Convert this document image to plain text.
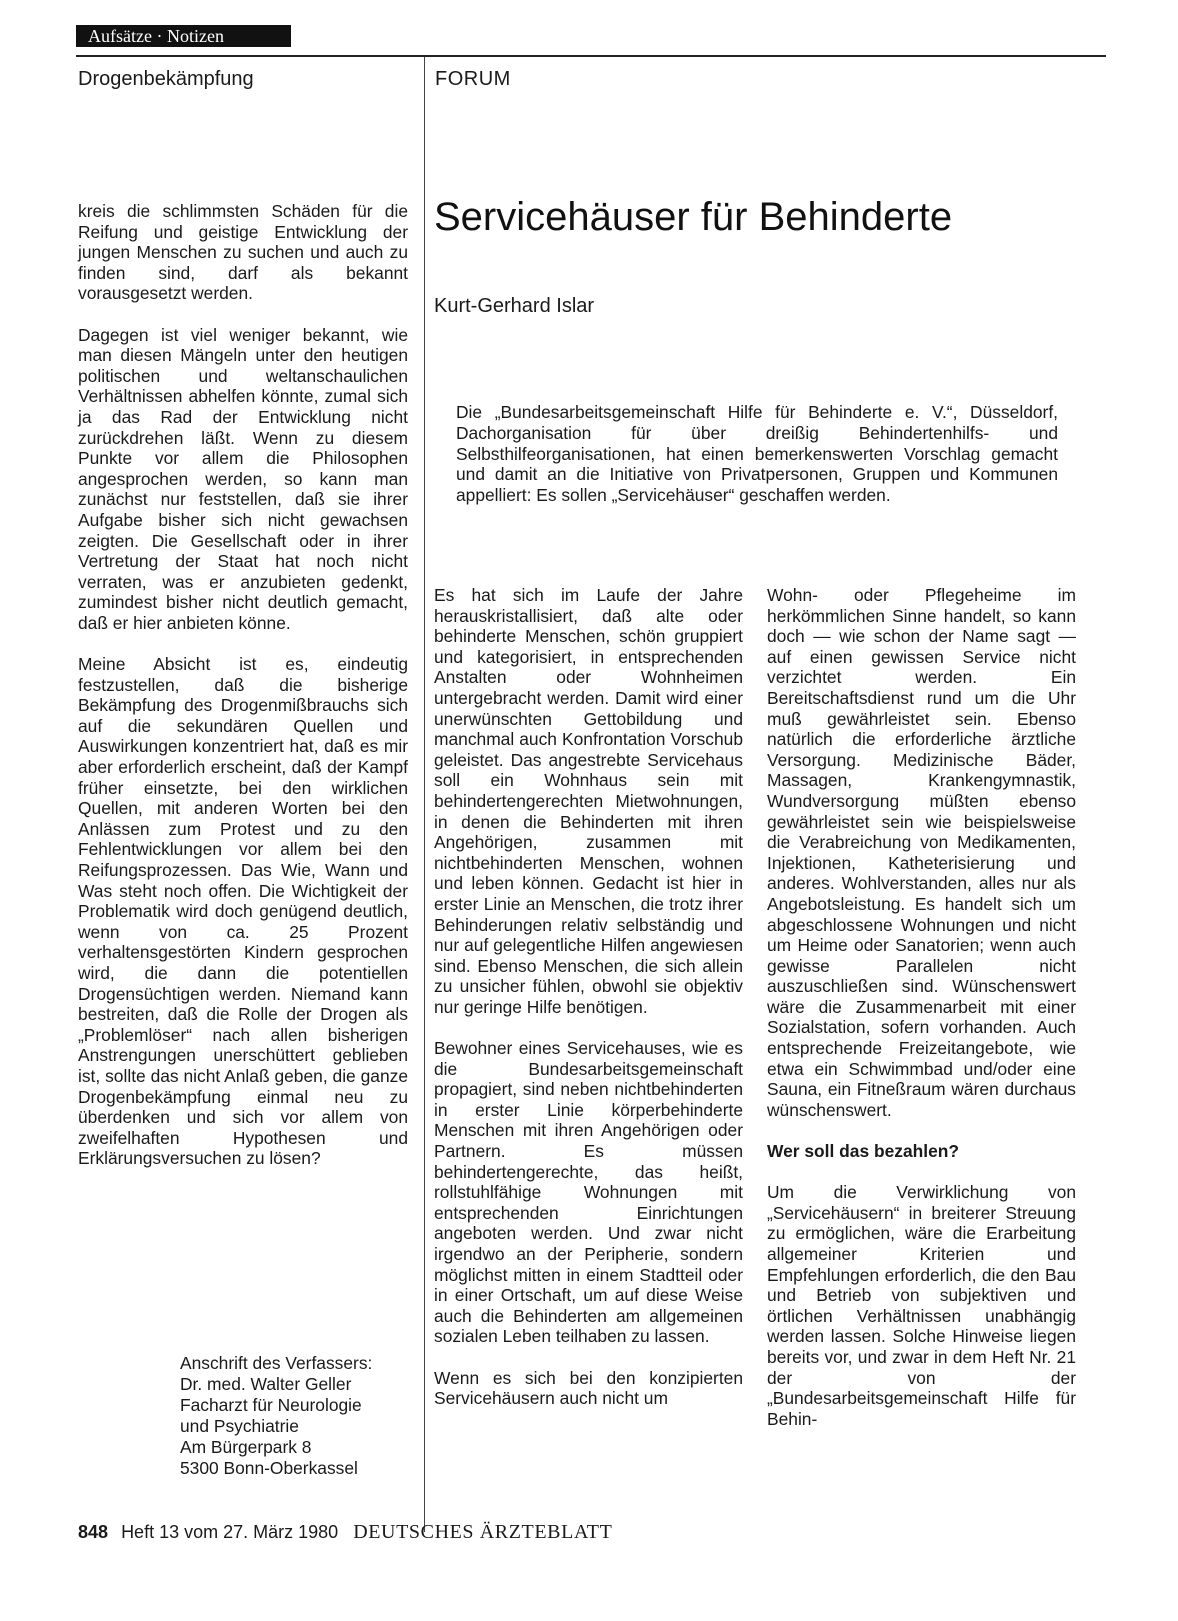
Aufsätze · Notizen
Drogenbekämpfung	FORUM

kreis die schlimmsten Schäden für die Reifung und geistige Entwicklung der jungen Menschen zu suchen und auch zu finden sind, darf als bekannt vorausgesetzt werden.

Dagegen ist viel weniger bekannt, wie man diesen Mängeln unter den heutigen politischen und weltanschaulichen Verhältnissen abhelfen könnte, zumal sich ja das Rad der Entwicklung nicht zurückdrehen läßt. Wenn zu diesem Punkte vor allem die Philosophen angesprochen werden, so kann man zunächst nur feststellen, daß sie ihrer Aufgabe bisher sich nicht gewachsen zeigten. Die Gesellschaft oder in ihrer Vertretung der Staat hat noch nicht verraten, was er anzubieten gedenkt, zumindest bisher nicht deutlich gemacht, daß er hier anbieten könne.

Meine Absicht ist es, eindeutig festzustellen, daß die bisherige Bekämpfung des Drogenmißbrauchs sich auf die sekundären Quellen und Auswirkungen konzentriert hat, daß es mir aber erforderlich erscheint, daß der Kampf früher einsetzte, bei den wirklichen Quellen, mit anderen Worten bei den Anlässen zum Protest und zu den Fehlentwicklungen vor allem bei den Reifungsprozessen. Das Wie, Wann und Was steht noch offen. Die Wichtigkeit der Problematik wird doch genügend deutlich, wenn von ca. 25 Prozent verhaltensgestörten Kindern gesprochen wird, die dann die potentiellen Drogensüchtigen werden. Niemand kann bestreiten, daß die Rolle der Drogen als „Problemlöser“ nach allen bisherigen Anstrengungen unerschüttert geblieben ist, sollte das nicht Anlaß geben, die ganze Drogenbekämpfung einmal neu zu überdenken und sich vor allem von zweifelhaften Hypothesen und Erklärungsversuchen zu lösen?

Anschrift des Verfassers:
Dr. med. Walter Geller
Facharzt für Neurologie
und Psychiatrie
Am Bürgerpark 8
5300 Bonn-Oberkassel
Servicehäuser für Behinderte
Kurt-Gerhard Islar

Die „Bundesarbeitsgemeinschaft Hilfe für Behinderte e. V.“, Düsseldorf, Dachorganisation für über dreißig Behindertenhilfs- und Selbsthilfeorganisationen, hat einen bemerkenswerten Vorschlag gemacht und damit an die Initiative von Privatpersonen, Gruppen und Kommunen appelliert: Es sollen „Servicehäuser“ geschaffen werden.

Es hat sich im Laufe der Jahre herauskristallisiert, daß alte oder behinderte Menschen, schön gruppiert und kategorisiert, in entsprechenden Anstalten oder Wohnheimen untergebracht werden. Damit wird einer unerwünschten Gettobildung und manchmal auch Konfrontation Vorschub geleistet. Das angestrebte Servicehaus soll ein Wohnhaus sein mit behindertengerechten Mietwohnungen, in denen die Behinderten mit ihren Angehörigen, zusammen mit nichtbehinderten Menschen, wohnen und leben können. Gedacht ist hier in erster Linie an Menschen, die trotz ihrer Behinderungen relativ selbständig und nur auf gelegentliche Hilfen angewiesen sind. Ebenso Menschen, die sich allein zu unsicher fühlen, obwohl sie objektiv nur geringe Hilfe benötigen.

Bewohner eines Servicehauses, wie es die Bundesarbeitsgemeinschaft propagiert, sind neben nichtbehinderten in erster Linie körperbehinderte Menschen mit ihren Angehörigen oder Partnern. Es müssen behindertengerechte, das heißt, rollstuhlfähige Wohnungen mit entsprechenden Einrichtungen angeboten werden. Und zwar nicht irgendwo an der Peripherie, sondern möglichst mitten in einem Stadtteil oder in einer Ortschaft, um auf diese Weise auch die Behinderten am allgemeinen sozialen Leben teilhaben zu lassen.

Wenn es sich bei den konzipierten Servicehäusern auch nicht um

Wohn- oder Pflegeheime im herkömmlichen Sinne handelt, so kann doch — wie schon der Name sagt — auf einen gewissen Service nicht verzichtet werden. Ein Bereitschaftsdienst rund um die Uhr muß gewährleistet sein. Ebenso natürlich die erforderliche ärztliche Versorgung. Medizinische Bäder, Massagen, Krankengymnastik, Wundversorgung müßten ebenso gewährleistet sein wie beispielsweise die Verabreichung von Medikamenten, Injektionen, Katheterisierung und anderes. Wohlverstanden, alles nur als Angebotsleistung. Es handelt sich um abgeschlossene Wohnungen und nicht um Heime oder Sanatorien; wenn auch gewisse Parallelen nicht auszuschließen sind. Wünschenswert wäre die Zusammenarbeit mit einer Sozialstation, sofern vorhanden. Auch entsprechende Freizeitangebote, wie etwa ein Schwimmbad und/oder eine Sauna, ein Fitneßraum wären durchaus wünschenswert.

Wer soll das bezahlen?

Um die Verwirklichung von „Servicehäusern“ in breiterer Streuung zu ermöglichen, wäre die Erarbeitung allgemeiner Kriterien und Empfehlungen erforderlich, die den Bau und Betrieb von subjektiven und örtlichen Verhältnissen unabhängig werden lassen. Solche Hinweise liegen bereits vor, und zwar in dem Heft Nr. 21 der von der „Bundesarbeitsgemeinschaft Hilfe für Behin-

848 Heft 13 vom 27. März 1980 DEUTSCHES ÄRZTEBLATT
